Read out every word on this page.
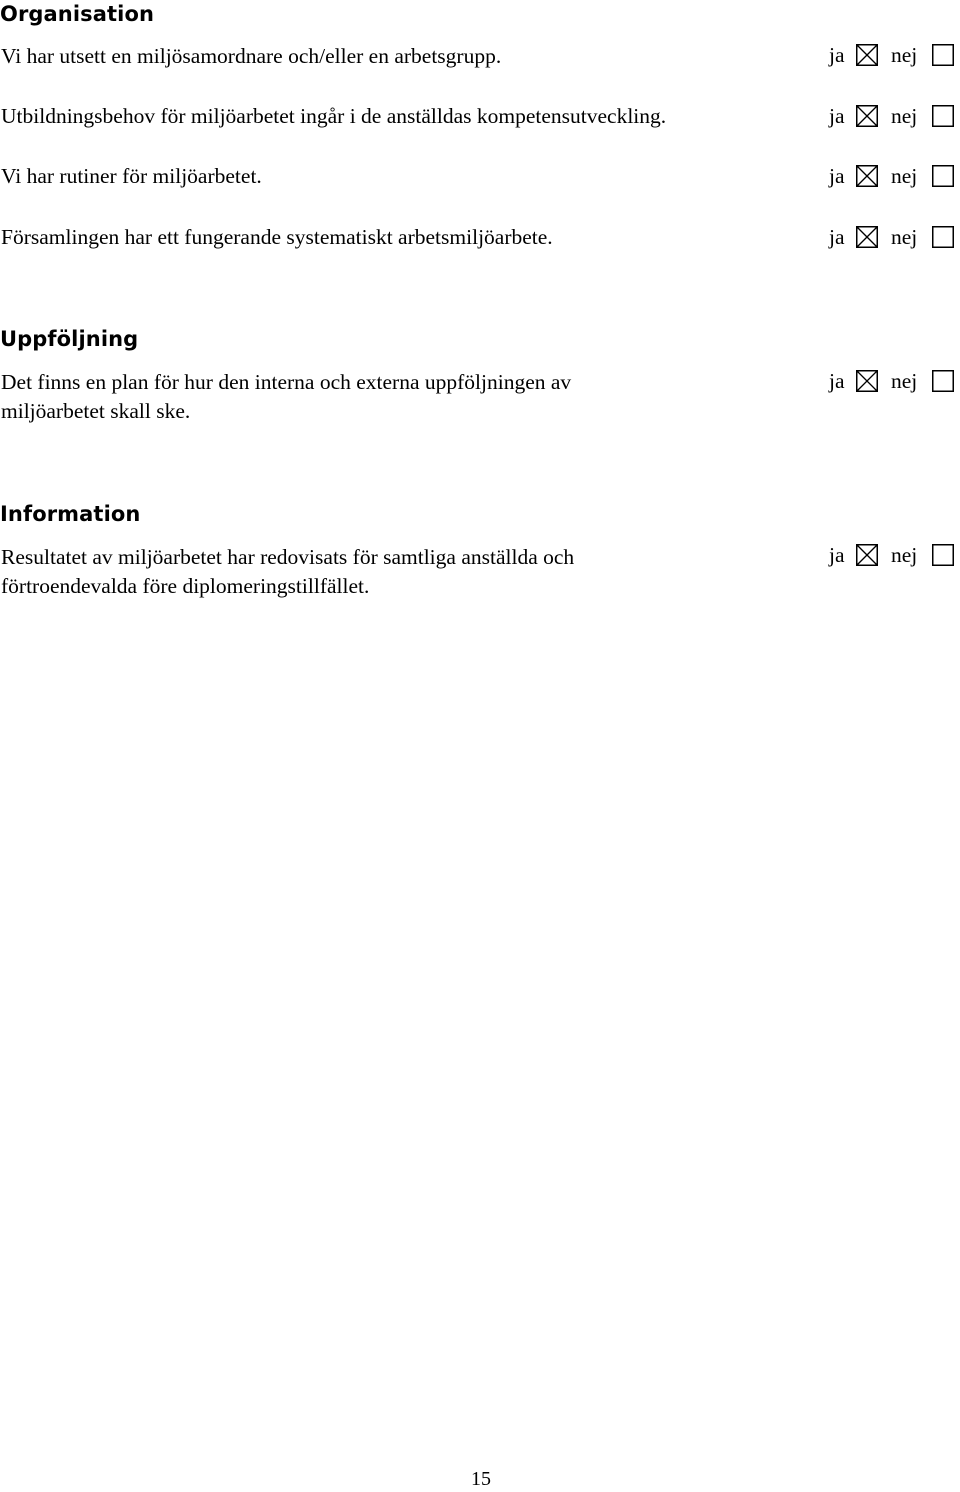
Organisation

Vi har utsett en miljösamordnare och/eller en arbetsgrupp.	ja nej

Utbildningsbehov för miljöarbetet ingår i de anställdas kompetensutveckling.	ja nej

Vi har rutiner för miljöarbetet.	ja nej

Församlingen har ett fungerande systematiskt arbetsmiljöarbete.	ja nej
Uppföljning

Det finns en plan för hur den interna och externa uppföljningen av
miljöarbetet skall ske.

ja nej
Information

Resultatet av miljöarbetet har redovisats för samtliga anställda och
förtroendevalda före diplomeringstillfället.

ja nej
15
